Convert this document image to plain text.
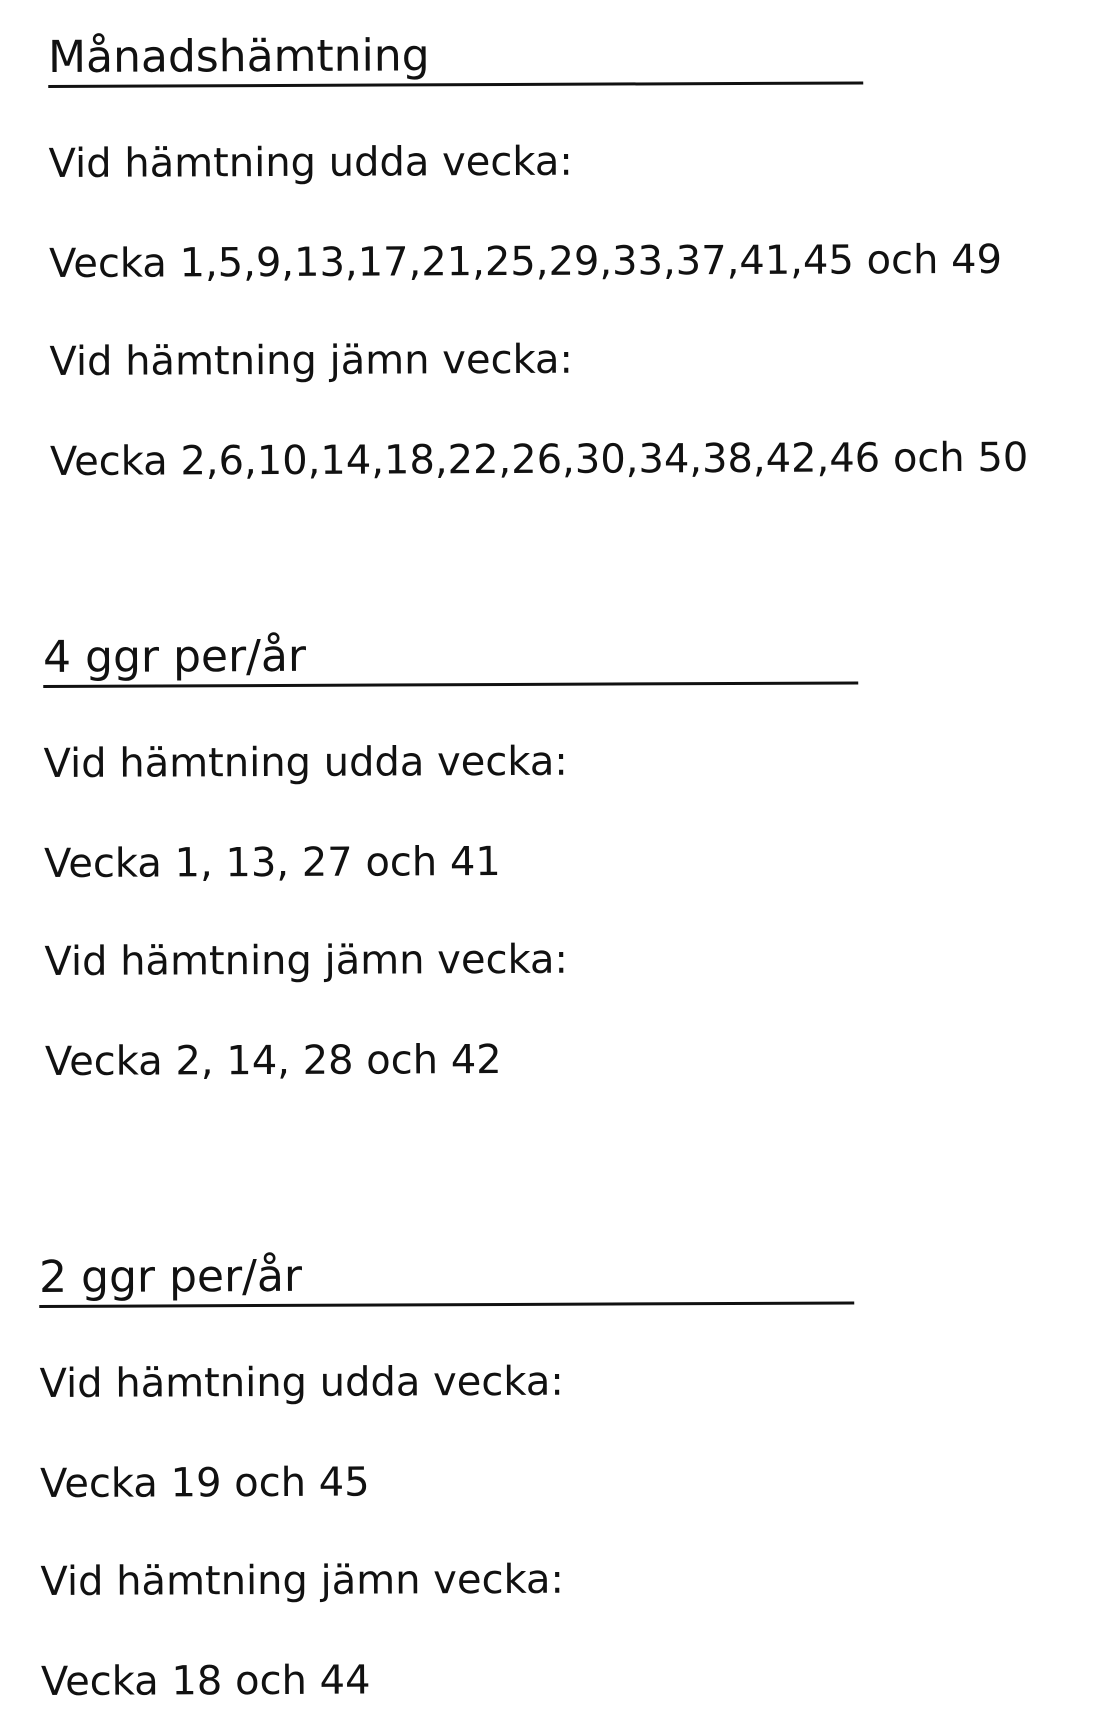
Månadshämtning
Vid hämtning udda vecka:
Vecka 1,5,9,13,17,21,25,29,33,37,41,45 och 49
Vid hämtning jämn vecka:
Vecka 2,6,10,14,18,22,26,30,34,38,42,46 och 50
4 ggr per/år
Vid hämtning udda vecka:
Vecka 1, 13, 27 och 41
Vid hämtning jämn vecka:
Vecka 2, 14, 28 och 42
2 ggr per/år
Vid hämtning udda vecka:
Vecka 19 och 45
Vid hämtning jämn vecka:
Vecka 18 och 44
